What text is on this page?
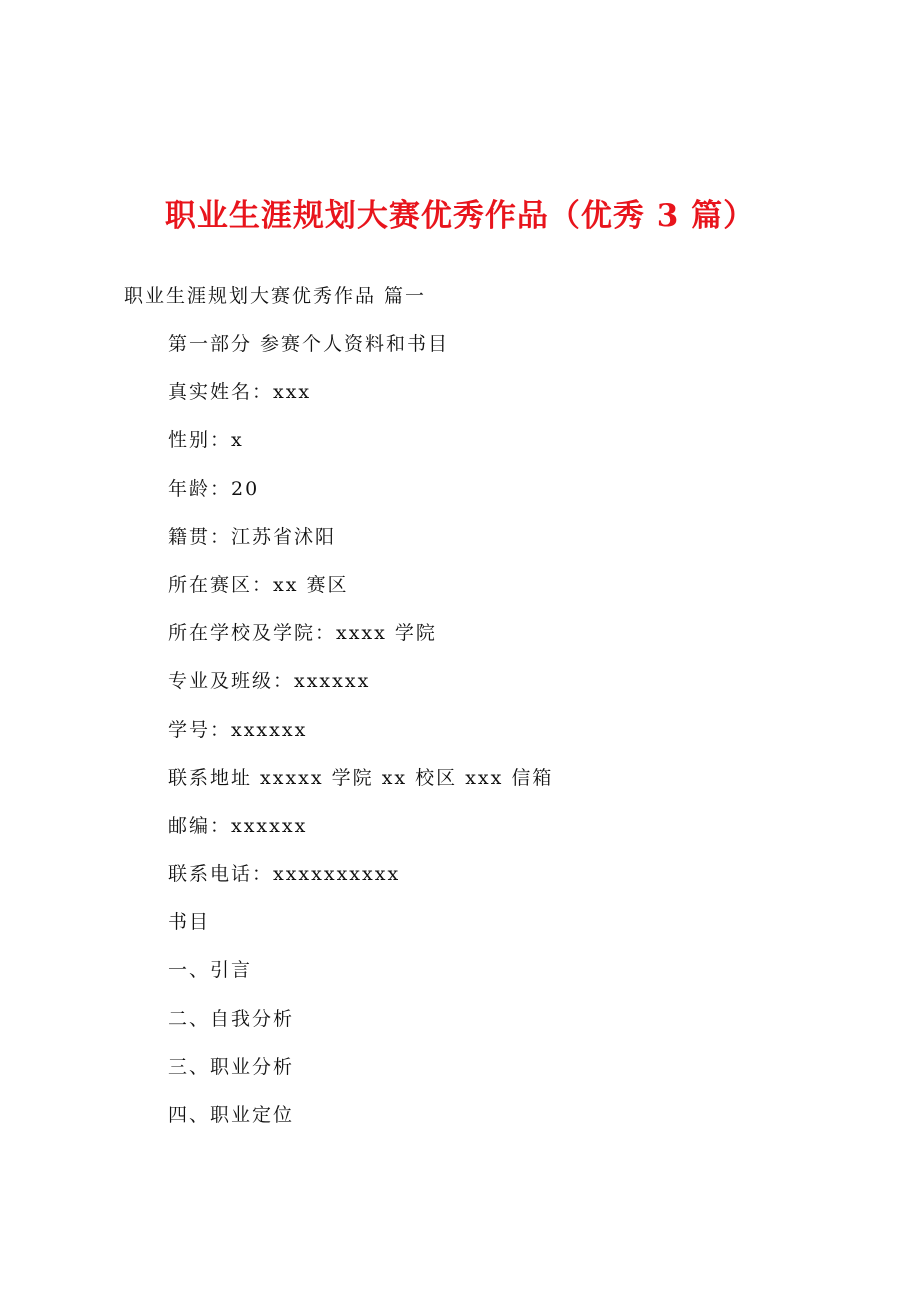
职业生涯规划大赛优秀作品（优秀 3 篇）
职业生涯规划大赛优秀作品 篇一
第一部分 参赛个人资料和书目
真实姓名：xxx
性别：x
年龄：20
籍贯：江苏省沭阳
所在赛区：xx 赛区
所在学校及学院：xxxx 学院
专业及班级：xxxxxx
学号：xxxxxx
联系地址 xxxxx 学院 xx 校区 xxx 信箱
邮编：xxxxxx
联系电话：xxxxxxxxxx
书目
一、引言
二、自我分析
三、职业分析
四、职业定位
